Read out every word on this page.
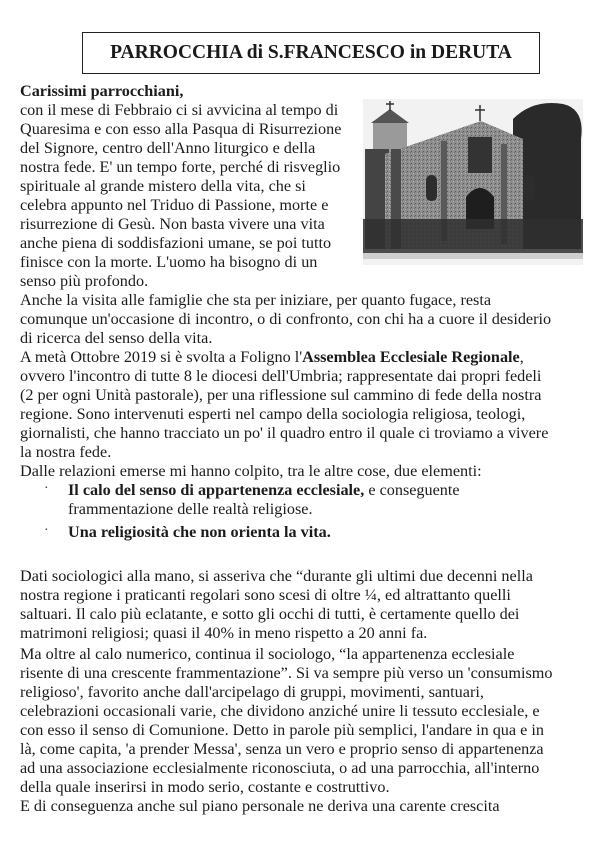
PARROCCHIA di S.FRANCESCO in DERUTA
Carissimi parrocchiani,
con il mese di Febbraio ci si avvicina al tempo di
Quaresima e con esso alla Pasqua di Risurrezione
del Signore, centro dell'Anno liturgico e della
nostra fede. E' un tempo forte, perché di risveglio
spirituale al grande mistero della vita, che si
celebra appunto nel Triduo di Passione, morte e
risurrezione di Gesù. Non basta vivere una vita
anche piena di soddisfazioni umane, se poi tutto
finisce con la morte. L'uomo ha bisogno di un
senso più profondo.
Anche la visita alle famiglie che sta per iniziare, per quanto fugace, resta
comunque un'occasione di incontro, o di confronto, con chi ha a cuore il desiderio
di ricerca del senso della vita.
A metà Ottobre 2019 si è svolta a Foligno l'Assemblea Ecclesiale Regionale,
ovvero l'incontro di tutte 8 le diocesi dell'Umbria; rappresentate dai propri fedeli
(2 per ogni Unità pastorale), per una riflessione sul cammino di fede della nostra
regione. Sono intervenuti esperti nel campo della sociologia religiosa, teologi,
giornalisti, che hanno tracciato un po' il quadro entro il quale ci troviamo a vivere
la nostra fede.
Dalle relazioni emerse mi hanno colpito, tra le altre cose, due elementi:
· Il calo del senso di appartenenza ecclesiale, e conseguente
frammentazione delle realtà religiose.
· Una religiosità che non orienta la vita.
Dati sociologici alla mano, si asseriva che “durante gli ultimi due decenni nella
nostra regione i praticanti regolari sono scesi di oltre ¼, ed altrattanto quelli
saltuari. Il calo più eclatante, e sotto gli occhi di tutti, è certamente quello dei
matrimoni religiosi; quasi il 40% in meno rispetto a 20 anni fa.
Ma oltre al calo numerico, continua il sociologo, “la appartenenza ecclesiale
risente di una crescente frammentazione”. Si va sempre più verso un 'consumismo
religioso', favorito anche dall'arcipelago di gruppi, movimenti, santuari,
celebrazioni occasionali varie, che dividono anziché unire li tessuto ecclesiale, e
con esso il senso di Comunione. Detto in parole più semplici, l'andare in qua e in
là, come capita, 'a prender Messa', senza un vero e proprio senso di appartenenza
ad una associazione ecclesialmente riconosciuta, o ad una parrocchia, all'interno
della quale inserirsi in modo serio, costante e costruttivo.
E di conseguenza anche sul piano personale ne deriva una carente crescita
